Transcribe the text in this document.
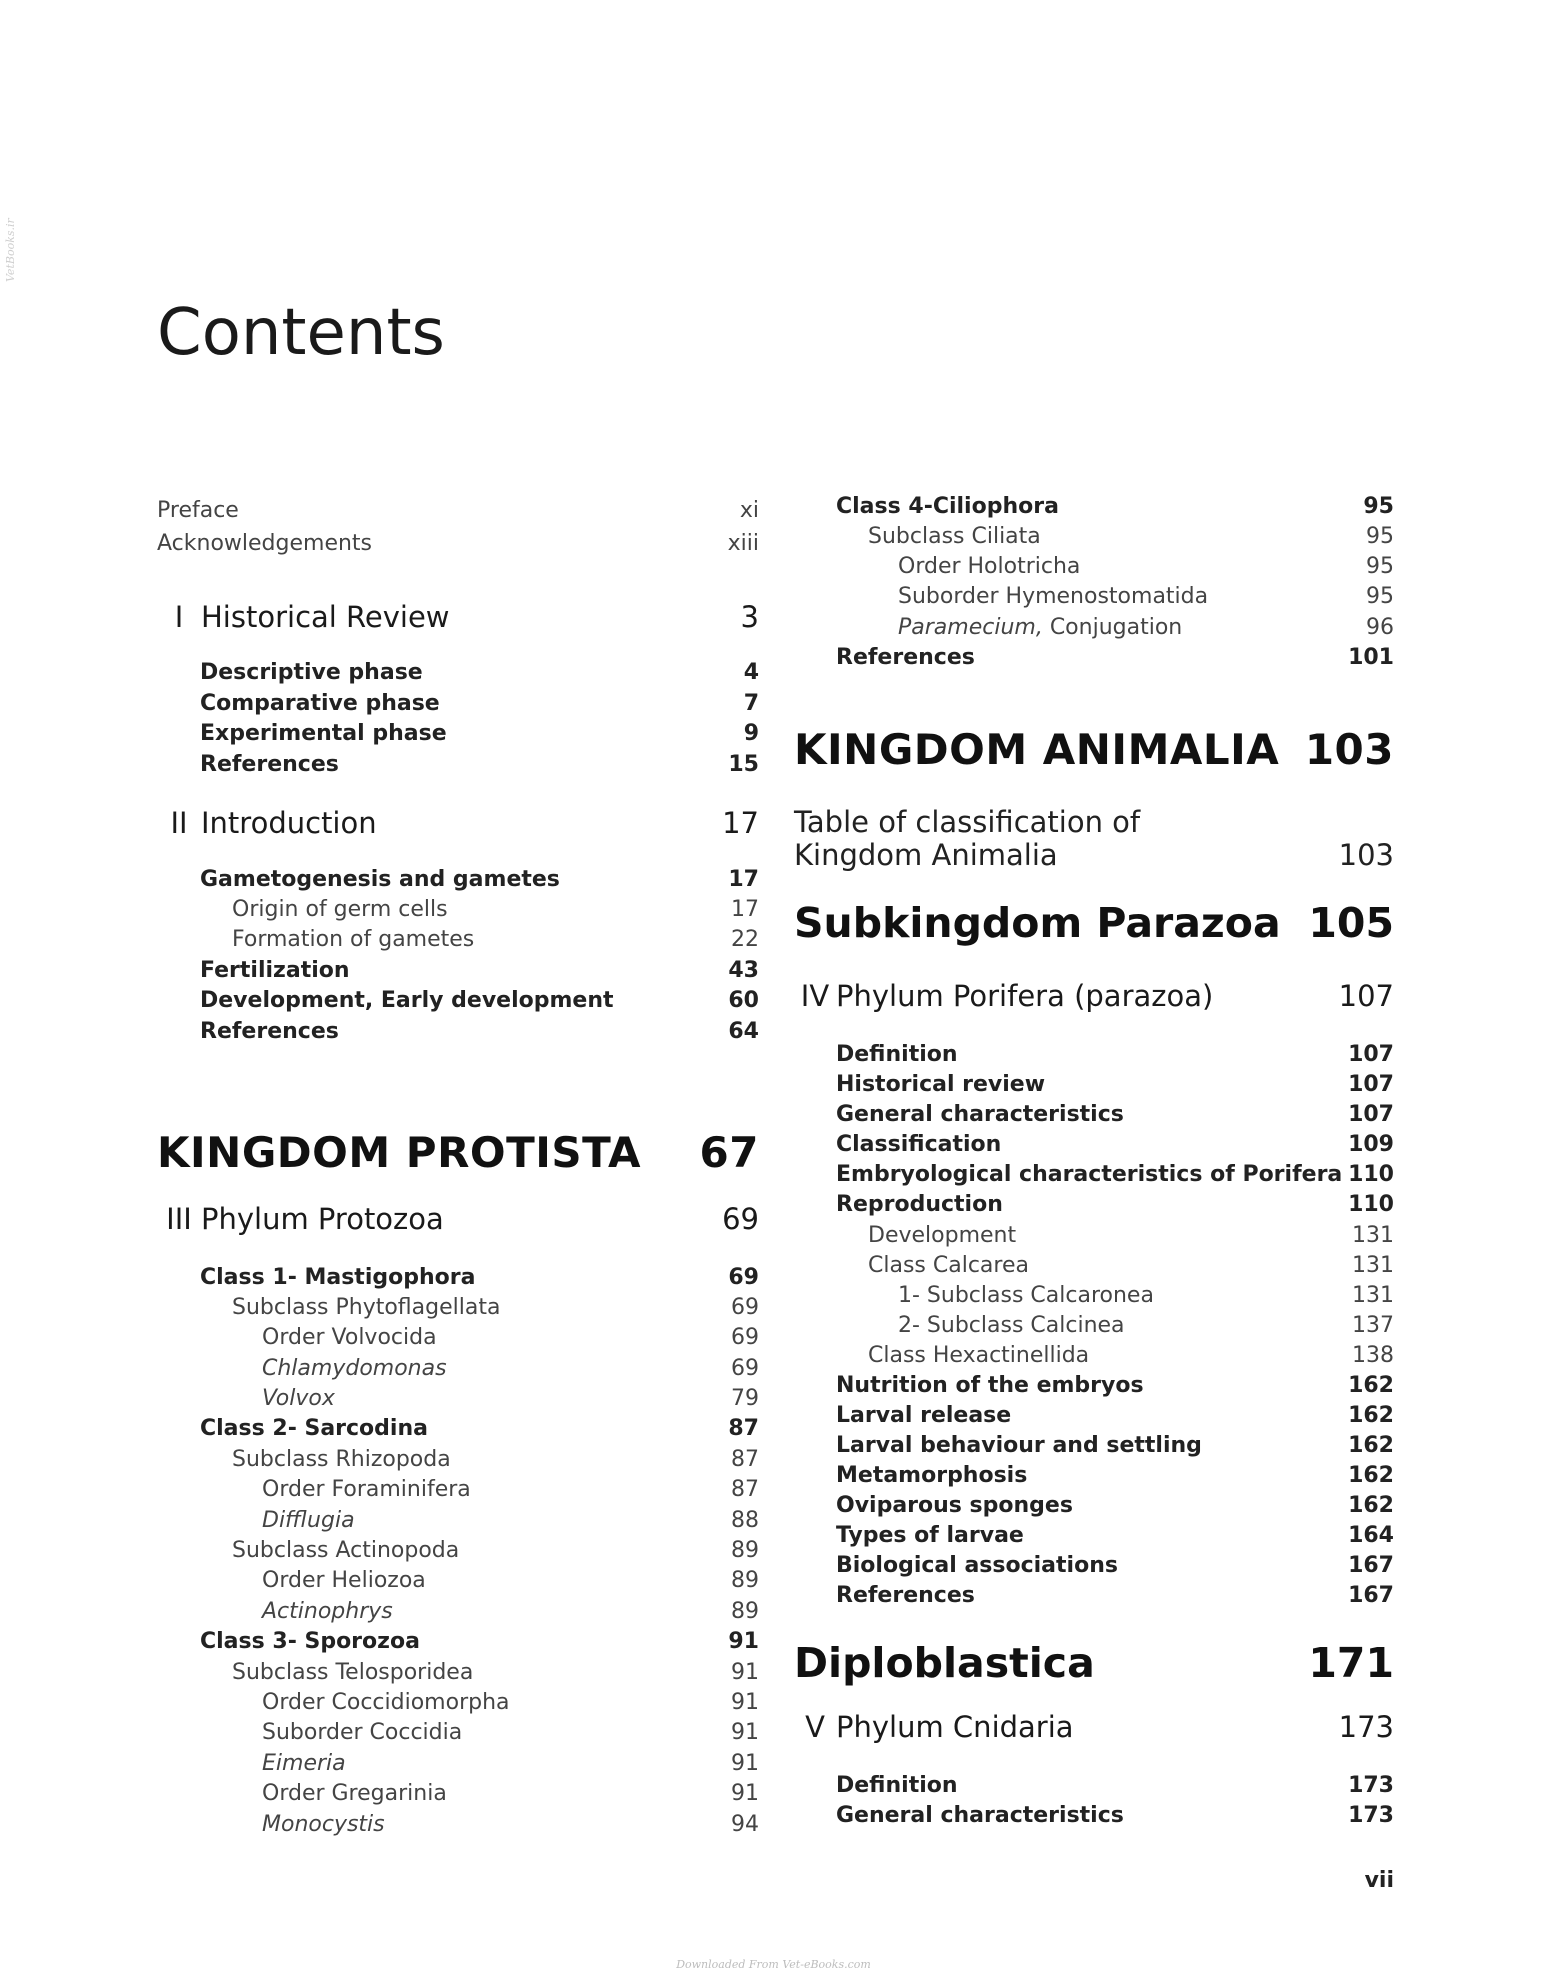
VetBooks.ir
Contents
Preface	xi
Acknowledgements	xiii
I Historical Review	3
Descriptive phase	4
Comparative phase	7
Experimental phase	9
References	15
II Introduction	17
Gametogenesis and gametes	17
Origin of germ cells	17
Formation of gametes	22
Fertilization	43
Development, Early development	60
References	64
KINGDOM PROTISTA	67
III Phylum Protozoa	69
Class 1- Mastigophora	69
Subclass Phytoflagellata	69
Order Volvocida	69
Chlamydomonas	69
Volvox	79
Class 2- Sarcodina	87
Subclass Rhizopoda	87
Order Foraminifera	87
Difflugia	88
Subclass Actinopoda	89
Order Heliozoa	89
Actinophrys	89
Class 3- Sporozoa	91
Subclass Telosporidea	91
Order Coccidiomorpha	91
Suborder Coccidia	91
Eimeria	91
Order Gregarinia	91
Monocystis	94
Class 4-Ciliophora	95
Subclass Ciliata	95
Order Holotricha	95
Suborder Hymenostomatida	95
Paramecium, Conjugation	96
References	101
KINGDOM ANIMALIA 103
Table of classification of
Kingdom Animalia	103
Subkingdom Parazoa 105
IV Phylum Porifera (parazoa)	107
Definition	107
Historical review	107
General characteristics	107
Classification	109
Embryological characteristics of Porifera 110
Reproduction	110
Development	131
Class Calcarea	131
1- Subclass Calcaronea	131
2- Subclass Calcinea	137
Class Hexactinellida	138
Nutrition of the embryos	162
Larval release	162
Larval behaviour and settling	162
Metamorphosis	162
Oviparous sponges	162
Types of larvae	164
Biological associations	167
References	167
Diploblastica	171
V Phylum Cnidaria	173
Definition	173
General characteristics	173
vii
Downloaded From Vet-eBooks.com
